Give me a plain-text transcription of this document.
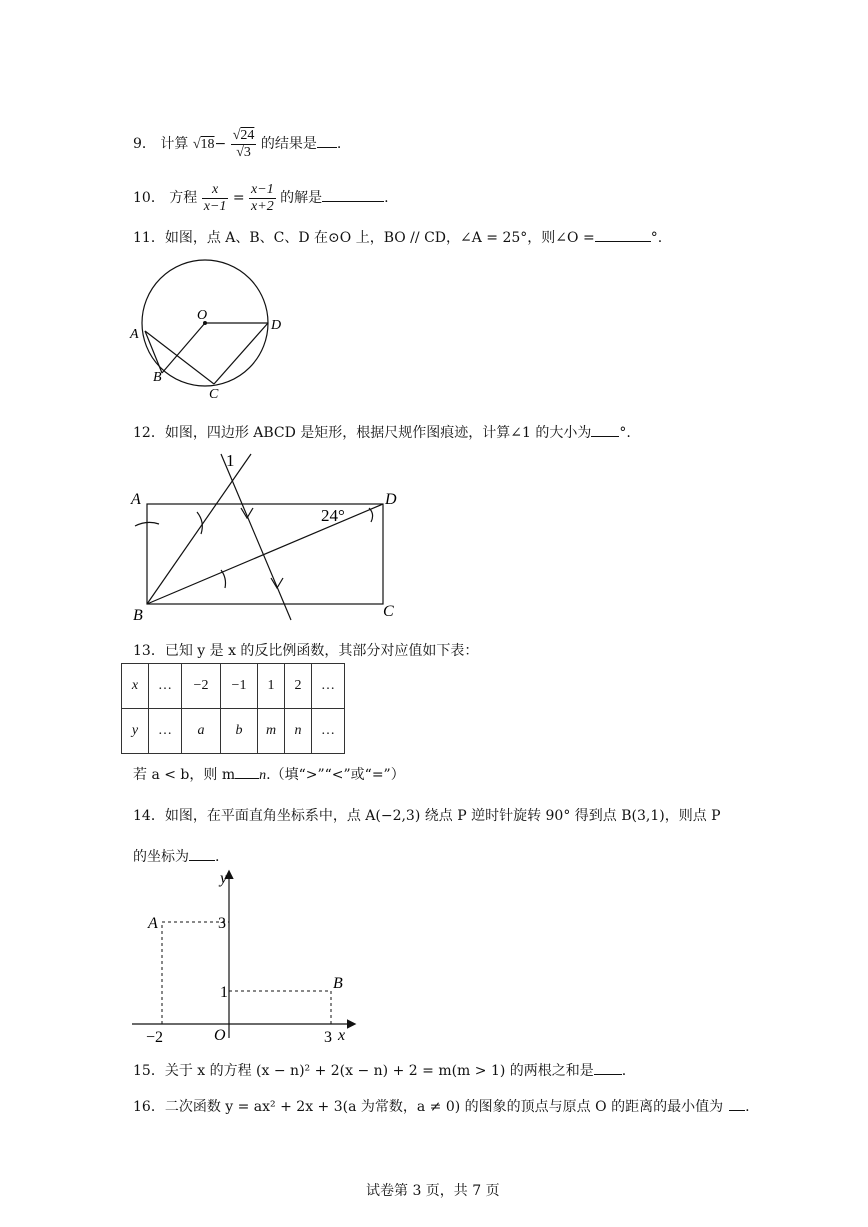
9． 计算 $√18- \frac{√24}{√3}$ 的结果是 .
10． 方程 $\frac{x}{x-1} = \frac{x-1}{x+2}$ 的解是	.
11．如图，点 A、B、C、D 在⊙O 上，BO // CD，∠A = 25°，则∠O =	°.
O
A
B
C
D
12．如图，四边形 ABCD 是矩形，根据尺规作图痕迹，计算∠1 的大小为 °.
1
24°
A
B	C
D
13．已知 y 是 x 的反比例函数，其部分对应值如下表：
x	…	−2	−1	1	2	…
y	…	a	b	m	n	…
若 a < b，则 m n.（填“>”“<”或“=”）
14．如图，在平面直角坐标系中，点 A(−2,3) 绕点 P 逆时针旋转 90° 得到点 B(3,1)，则点 P
的坐标为 .
y
x
A
B
O
3
1
−2	3
15．关于 x 的方程 (x − n)² + 2(x − n) + 2 = m(m > 1) 的两根之和是 .
16．二次函数 y = ax² + 2x + 3(a 为常数，a ≠ 0) 的图象的顶点与原点 O 的距离的最小值为 .
试卷第 3 页，共 7 页
